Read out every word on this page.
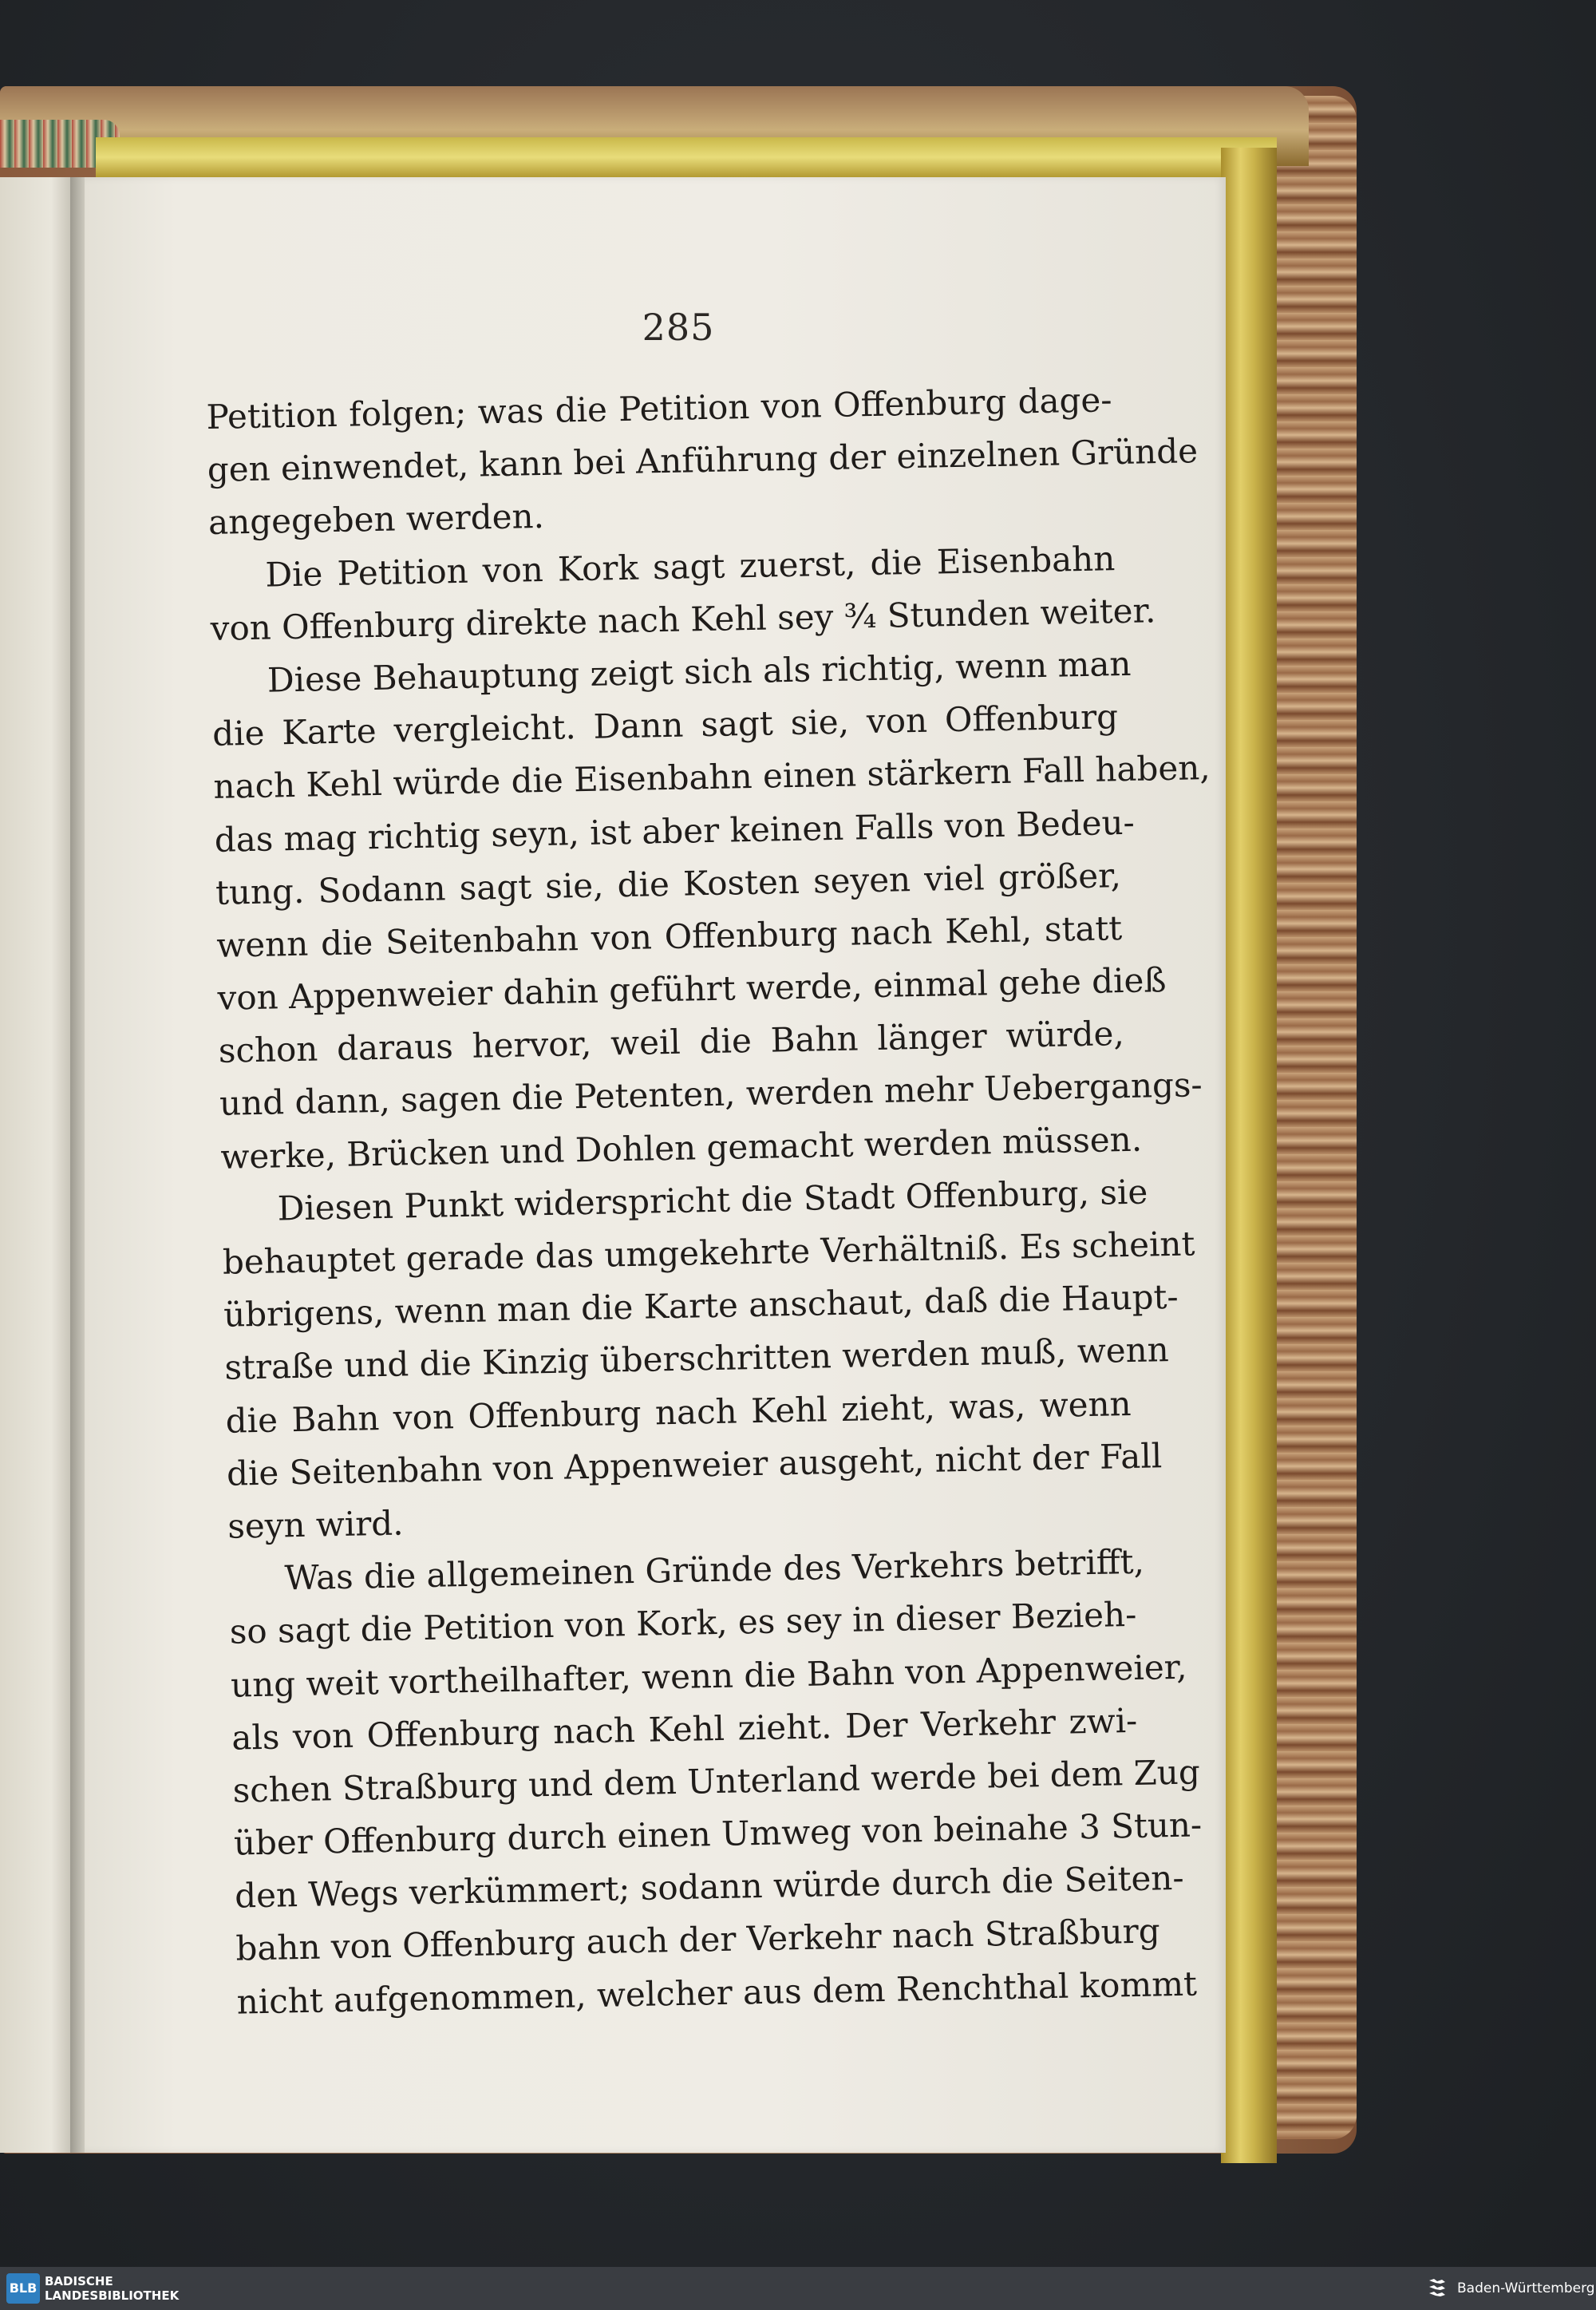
285
Petition folgen; was die Petition von Offenburg dage-
gen einwendet, kann bei Anführung der einzelnen Gründe
angegeben werden.
Die Petition von Kork sagt zuerst, die Eisenbahn
von Offenburg direkte nach Kehl sey ¾ Stunden weiter.
Diese Behauptung zeigt sich als richtig, wenn man
die Karte vergleicht. Dann sagt sie, von Offenburg
nach Kehl würde die Eisenbahn einen stärkern Fall haben,
das mag richtig seyn, ist aber keinen Falls von Bedeu-
tung. Sodann sagt sie, die Kosten seyen viel größer,
wenn die Seitenbahn von Offenburg nach Kehl, statt
von Appenweier dahin geführt werde, einmal gehe dieß
schon daraus hervor, weil die Bahn länger würde,
und dann, sagen die Petenten, werden mehr Uebergangs-
werke, Brücken und Dohlen gemacht werden müssen.
Diesen Punkt widerspricht die Stadt Offenburg, sie
behauptet gerade das umgekehrte Verhältniß. Es scheint
übrigens, wenn man die Karte anschaut, daß die Haupt-
straße und die Kinzig überschritten werden muß, wenn
die Bahn von Offenburg nach Kehl zieht, was, wenn
die Seitenbahn von Appenweier ausgeht, nicht der Fall
seyn wird.
Was die allgemeinen Gründe des Verkehrs betrifft,
so sagt die Petition von Kork, es sey in dieser Bezieh-
ung weit vortheilhafter, wenn die Bahn von Appenweier,
als von Offenburg nach Kehl zieht. Der Verkehr zwi-
schen Straßburg und dem Unterland werde bei dem Zug
über Offenburg durch einen Umweg von beinahe 3 Stun-
den Wegs verkümmert; sodann würde durch die Seiten-
bahn von Offenburg auch der Verkehr nach Straßburg
nicht aufgenommen, welcher aus dem Renchthal kommt
BLB BADISCHE
LANDESBIBLIOTHEK	Baden-Württemberg
